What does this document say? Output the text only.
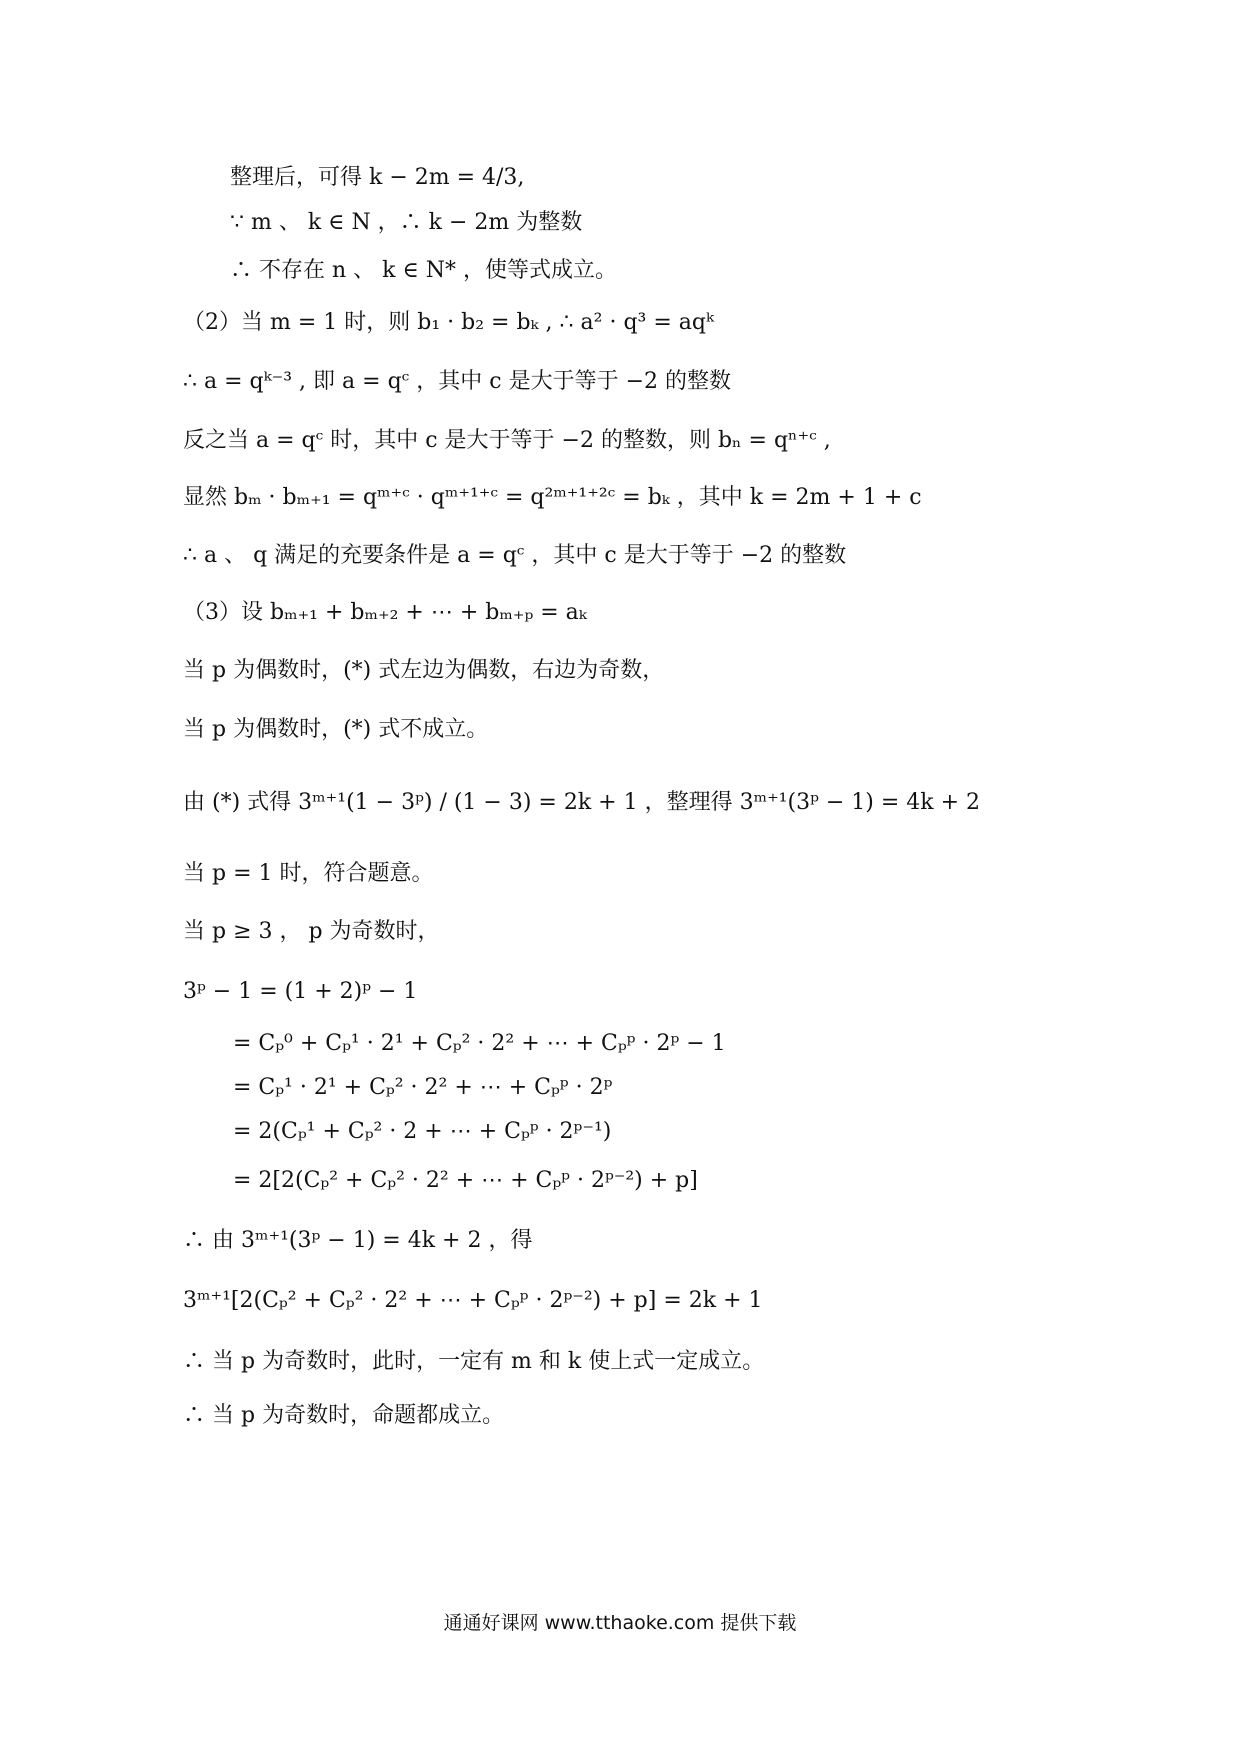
整理后，可得 k − 2m = 4/3,
∵ m 、 k ∈ N ，∴ k − 2m 为整数
∴ 不存在 n 、 k ∈ N* ，使等式成立。
（2）当 m = 1 时，则 b₁ · b₂ = bₖ , ∴ a² · q³ = aqᵏ
∴ a = qᵏ⁻³ , 即 a = qᶜ ，其中 c 是大于等于 −2 的整数
反之当 a = qᶜ 时，其中 c 是大于等于 −2 的整数，则 bₙ = qⁿ⁺ᶜ ,
显然 bₘ · bₘ₊₁ = qᵐ⁺ᶜ · qᵐ⁺¹⁺ᶜ = q²ᵐ⁺¹⁺²ᶜ = bₖ ，其中 k = 2m + 1 + c
∴ a 、 q 满足的充要条件是 a = qᶜ ，其中 c 是大于等于 −2 的整数
（3）设 bₘ₊₁ + bₘ₊₂ + ⋯ + bₘ₊ₚ = aₖ
当 p 为偶数时，(*) 式左边为偶数，右边为奇数，
当 p 为偶数时，(*) 式不成立。
由 (*) 式得 3ᵐ⁺¹(1 − 3ᵖ) / (1 − 3) = 2k + 1 ，整理得 3ᵐ⁺¹(3ᵖ − 1) = 4k + 2
当 p = 1 时，符合题意。
当 p ≥ 3 ， p 为奇数时，
3ᵖ − 1 = (1 + 2)ᵖ − 1
= Cₚ⁰ + Cₚ¹ · 2¹ + Cₚ² · 2² + ⋯ + Cₚᵖ · 2ᵖ − 1
= Cₚ¹ · 2¹ + Cₚ² · 2² + ⋯ + Cₚᵖ · 2ᵖ
= 2(Cₚ¹ + Cₚ² · 2 + ⋯ + Cₚᵖ · 2ᵖ⁻¹)
= 2[2(Cₚ² + Cₚ² · 2² + ⋯ + Cₚᵖ · 2ᵖ⁻²) + p]
∴ 由 3ᵐ⁺¹(3ᵖ − 1) = 4k + 2 ，得
3ᵐ⁺¹[2(Cₚ² + Cₚ² · 2² + ⋯ + Cₚᵖ · 2ᵖ⁻²) + p] = 2k + 1
∴ 当 p 为奇数时，此时，一定有 m 和 k 使上式一定成立。
∴ 当 p 为奇数时，命题都成立。
通通好课网 www.tthaoke.com 提供下载
